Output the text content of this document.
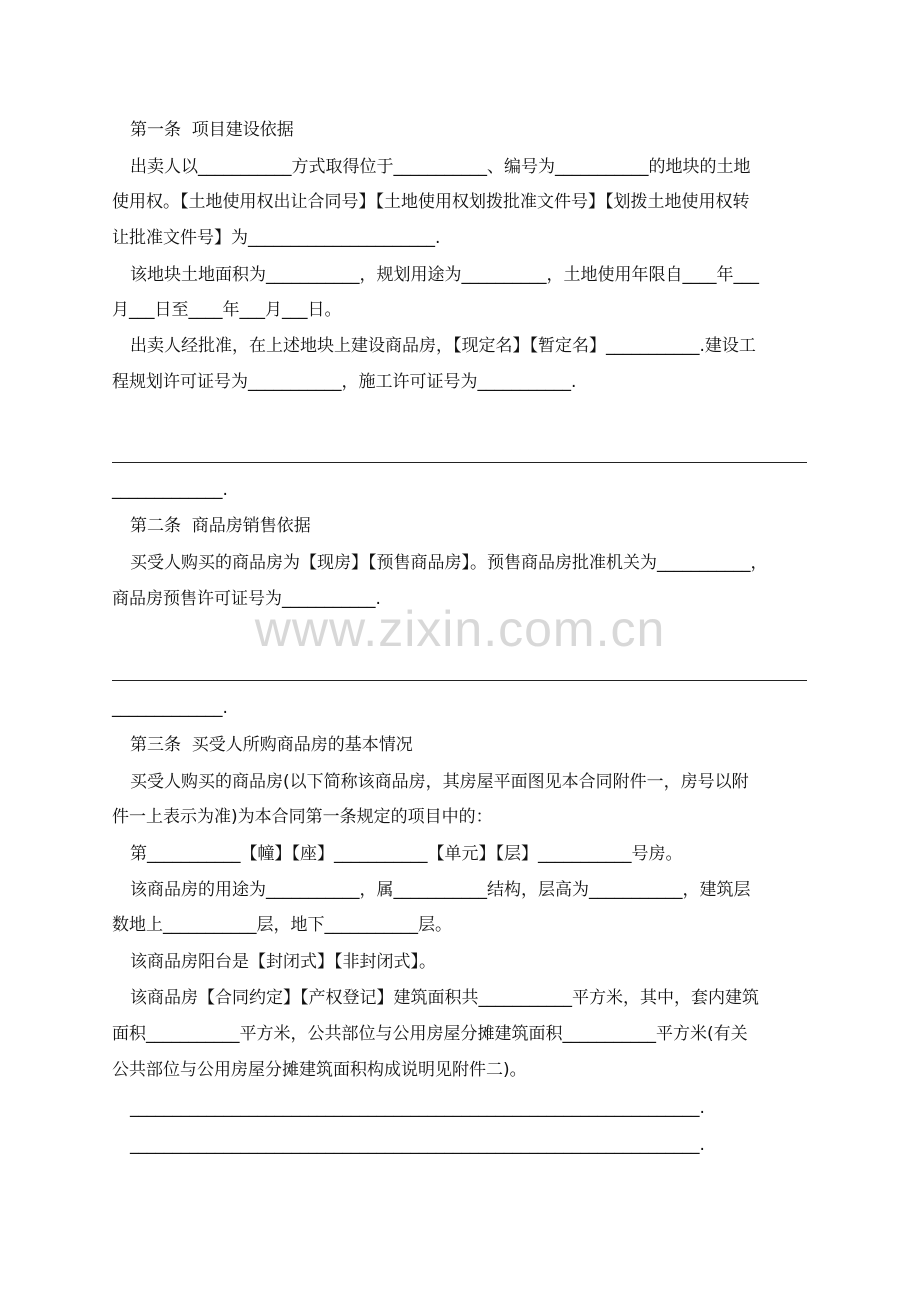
第一条  项目建设依据
出卖人以___________方式取得位于___________、编号为___________的地块的土地
使用权。【土地使用权出让合同号】【土地使用权划拨批准文件号】【划拨土地使用权转
让批准文件号】为______________________.
该地块土地面积为___________，规划用途为__________，土地使用年限自____年___
月___日至____年___月___日。
出卖人经批准，在上述地块上建设商品房，【现定名】【暂定名】___________.建设工
程规划许可证号为___________，施工许可证号为___________.
_____________.
第二条  商品房销售依据
买受人购买的商品房为【现房】【预售商品房】。预售商品房批准机关为___________，
商品房预售许可证号为___________.
www.zixin.com.cn
_____________.
第三条  买受人所购商品房的基本情况
买受人购买的商品房(以下简称该商品房，其房屋平面图见本合同附件一，房号以附
件一上表示为准)为本合同第一条规定的项目中的：
第___________【幢】【座】___________【单元】【层】___________号房。
该商品房的用途为___________，属___________结构，层高为___________，建筑层
数地上___________层，地下___________层。
该商品房阳台是【封闭式】【非封闭式】。
该商品房【合同约定】【产权登记】建筑面积共___________平方米，其中，套内建筑
面积___________平方米，公共部位与公用房屋分摊建筑面积___________平方米(有关
公共部位与公用房屋分摊建筑面积构成说明见附件二)。
___________________________________________________________________.
___________________________________________________________________.
